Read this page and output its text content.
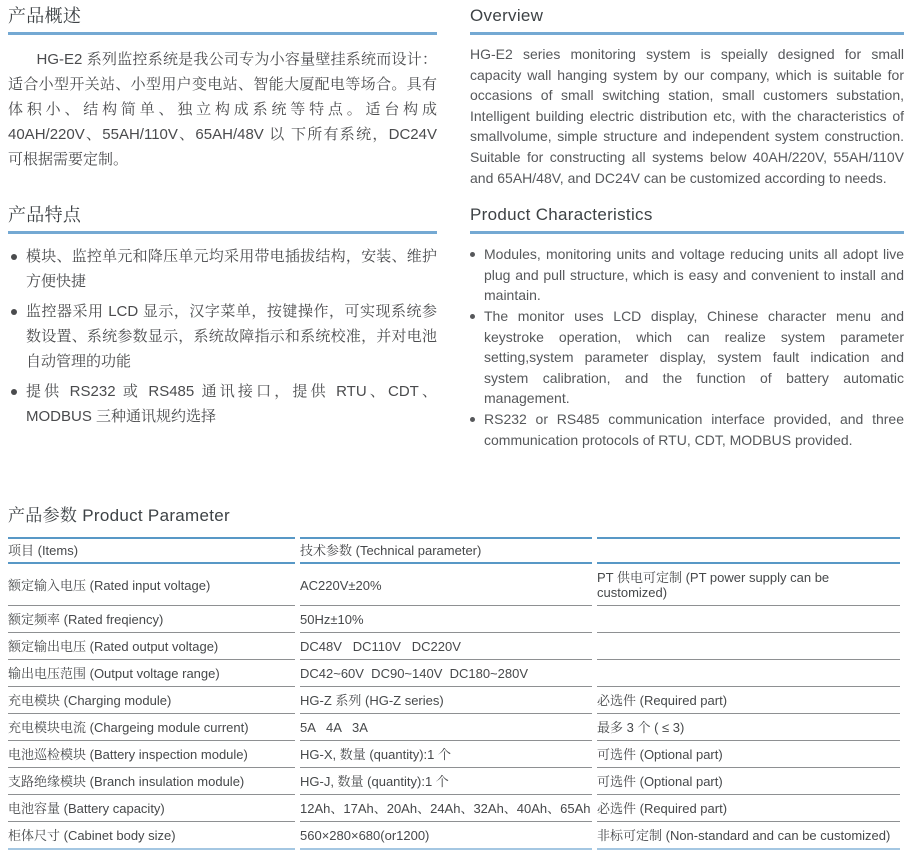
产品概述

HG-E2 系列监控系统是我公司专为小容量壁挂系统而设计：适合小型开关站、小型用户变电站、智能大厦配电等场合。具有体积小、结构简单、独立构成系统等特点。适台构成 40AH/220V、55AH/110V、65AH/48V 以 下所有系统，DC24V 可根据需要定制。

Overview

HG-E2 series monitoring system is speially designed for small capacity wall hanging system by our company, which is suitable for occasions of small switching station, small customers substation, Intelligent building electric distribution etc, with the characteristics of smallvolume, simple structure and independent system construction. Suitable for constructing all systems below 40AH/220V, 55AH/110V and 65AH/48V, and DC24V can be customized according to needs.

产品特点
模块、监控单元和降压单元均采用带电插拔结构，安装、维护方便快捷
监控器采用 LCD 显示，汉字菜单，按键操作，可实现系统参数设置、系统参数显示，系统故障指示和系统校准，并对电池自动管理的功能
提供 RS232 或 RS485 通讯接口，提供 RTU、CDT、MODBUS 三种通讯规约选择
Product Characteristics
Modules, monitoring units and voltage reducing units all adopt live plug and pull structure, which is easy and convenient to install and maintain.
The monitor uses LCD display, Chinese character menu and keystroke operation, which can realize system parameter setting,system parameter display, system fault indication and system calibration, and the function of battery automatic management.
RS232 or RS485 communication interface provided, and three communication protocols of RTU, CDT, MODBUS provided.
产品参数 Product Parameter
项目 (Items)	技术参数 (Technical parameter)	
额定输入电压 (Rated input voltage)	AC220V±20%	PT 供电可定制 (PT power supply can be customized)
额定频率 (Rated freqiency)	50Hz±10%	
额定输出电压 (Rated output voltage)	DC48V   DC110V   DC220V	
输出电压范围 (Output voltage range)	DC42~60V  DC90~140V  DC180~280V	
充电模块 (Charging module)	HG-Z 系列 (HG-Z series)	必选件 (Required part)
充电模块电流 (Chargeing module current)	5A   4A   3A	最多 3 个 ( ≤ 3)
电池巡检模块 (Battery inspection module)	HG-X, 数量 (quantity):1 个	可选件 (Optional part)
支路绝缘模块 (Branch insulation module)	HG-J, 数量 (quantity):1 个	可选件 (Optional part)
电池容量 (Battery capacity)	12Ah、17Ah、20Ah、24Ah、32Ah、40Ah、65Ah	必选件 (Required part)
柜体尺寸 (Cabinet body size)	560×280×680(or1200)	非标可定制 (Non-standard and can be customized)
